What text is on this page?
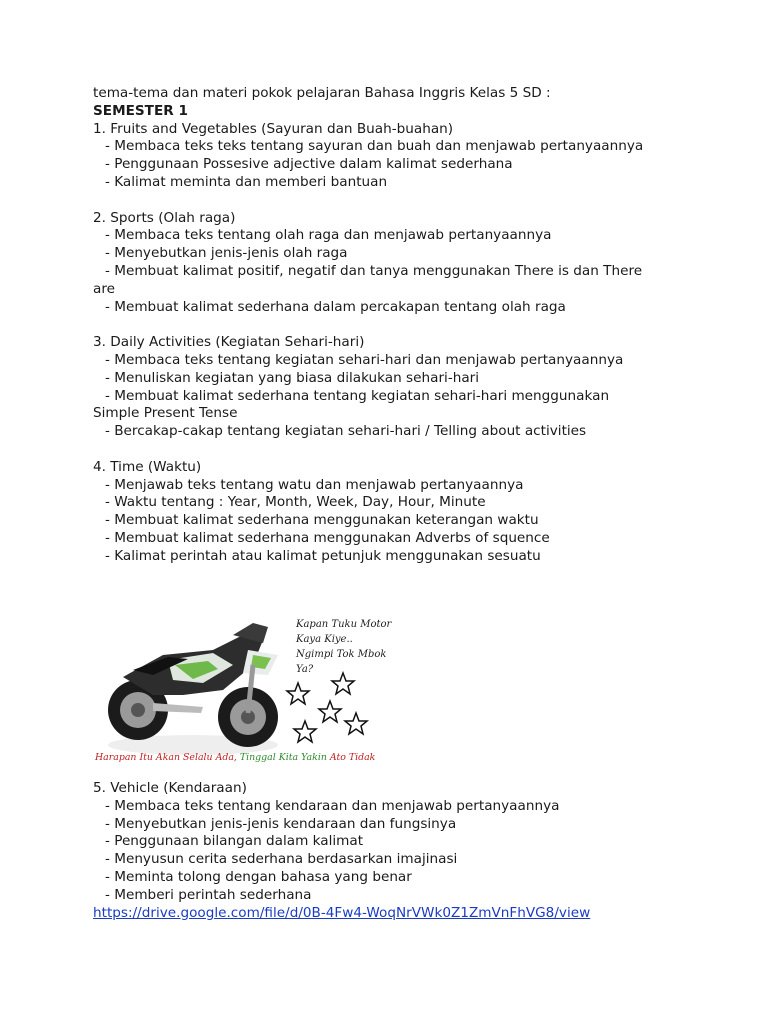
tema-tema dan materi pokok pelajaran Bahasa Inggris Kelas 5 SD :
SEMESTER 1
1. Fruits and Vegetables (Sayuran dan Buah-buahan)
- Membaca teks teks tentang sayuran dan buah dan menjawab pertanyaannya
- Penggunaan Possesive adjective dalam kalimat sederhana
- Kalimat meminta dan memberi bantuan
2. Sports (Olah raga)
- Membaca teks tentang olah raga dan menjawab pertanyaannya
- Menyebutkan jenis-jenis olah raga
- Membuat kalimat positif, negatif dan tanya menggunakan There is dan There
are
- Membuat kalimat sederhana dalam percakapan tentang olah raga
3. Daily Activities (Kegiatan Sehari-hari)
- Membaca teks tentang kegiatan sehari-hari dan menjawab pertanyaannya
- Menuliskan kegiatan yang biasa dilakukan sehari-hari
- Membuat kalimat sederhana tentang kegiatan sehari-hari menggunakan
Simple Present Tense
- Bercakap-cakap tentang kegiatan sehari-hari / Telling about activities
4. Time (Waktu)
- Menjawab teks tentang watu dan menjawab pertanyaannya
- Waktu tentang : Year, Month, Week, Day, Hour, Minute
- Membuat kalimat sederhana menggunakan keterangan waktu
- Membuat kalimat sederhana menggunakan Adverbs of squence
- Kalimat perintah atau kalimat petunjuk menggunakan sesuatu
Kapan Tuku Motor
Kaya Kiye..
Ngimpi Tok Mbok
Ya?
Harapan Itu Akan Selalu Ada, Tinggal Kita Yakin Ato Tidak
5. Vehicle (Kendaraan)
- Membaca teks tentang kendaraan dan menjawab pertanyaannya
- Menyebutkan jenis-jenis kendaraan dan fungsinya
- Penggunaan bilangan dalam kalimat
- Menyusun cerita sederhana berdasarkan imajinasi
- Meminta tolong dengan bahasa yang benar
- Memberi perintah sederhana
https://drive.google.com/file/d/0B-4Fw4-WoqNrVWk0Z1ZmVnFhVG8/view
